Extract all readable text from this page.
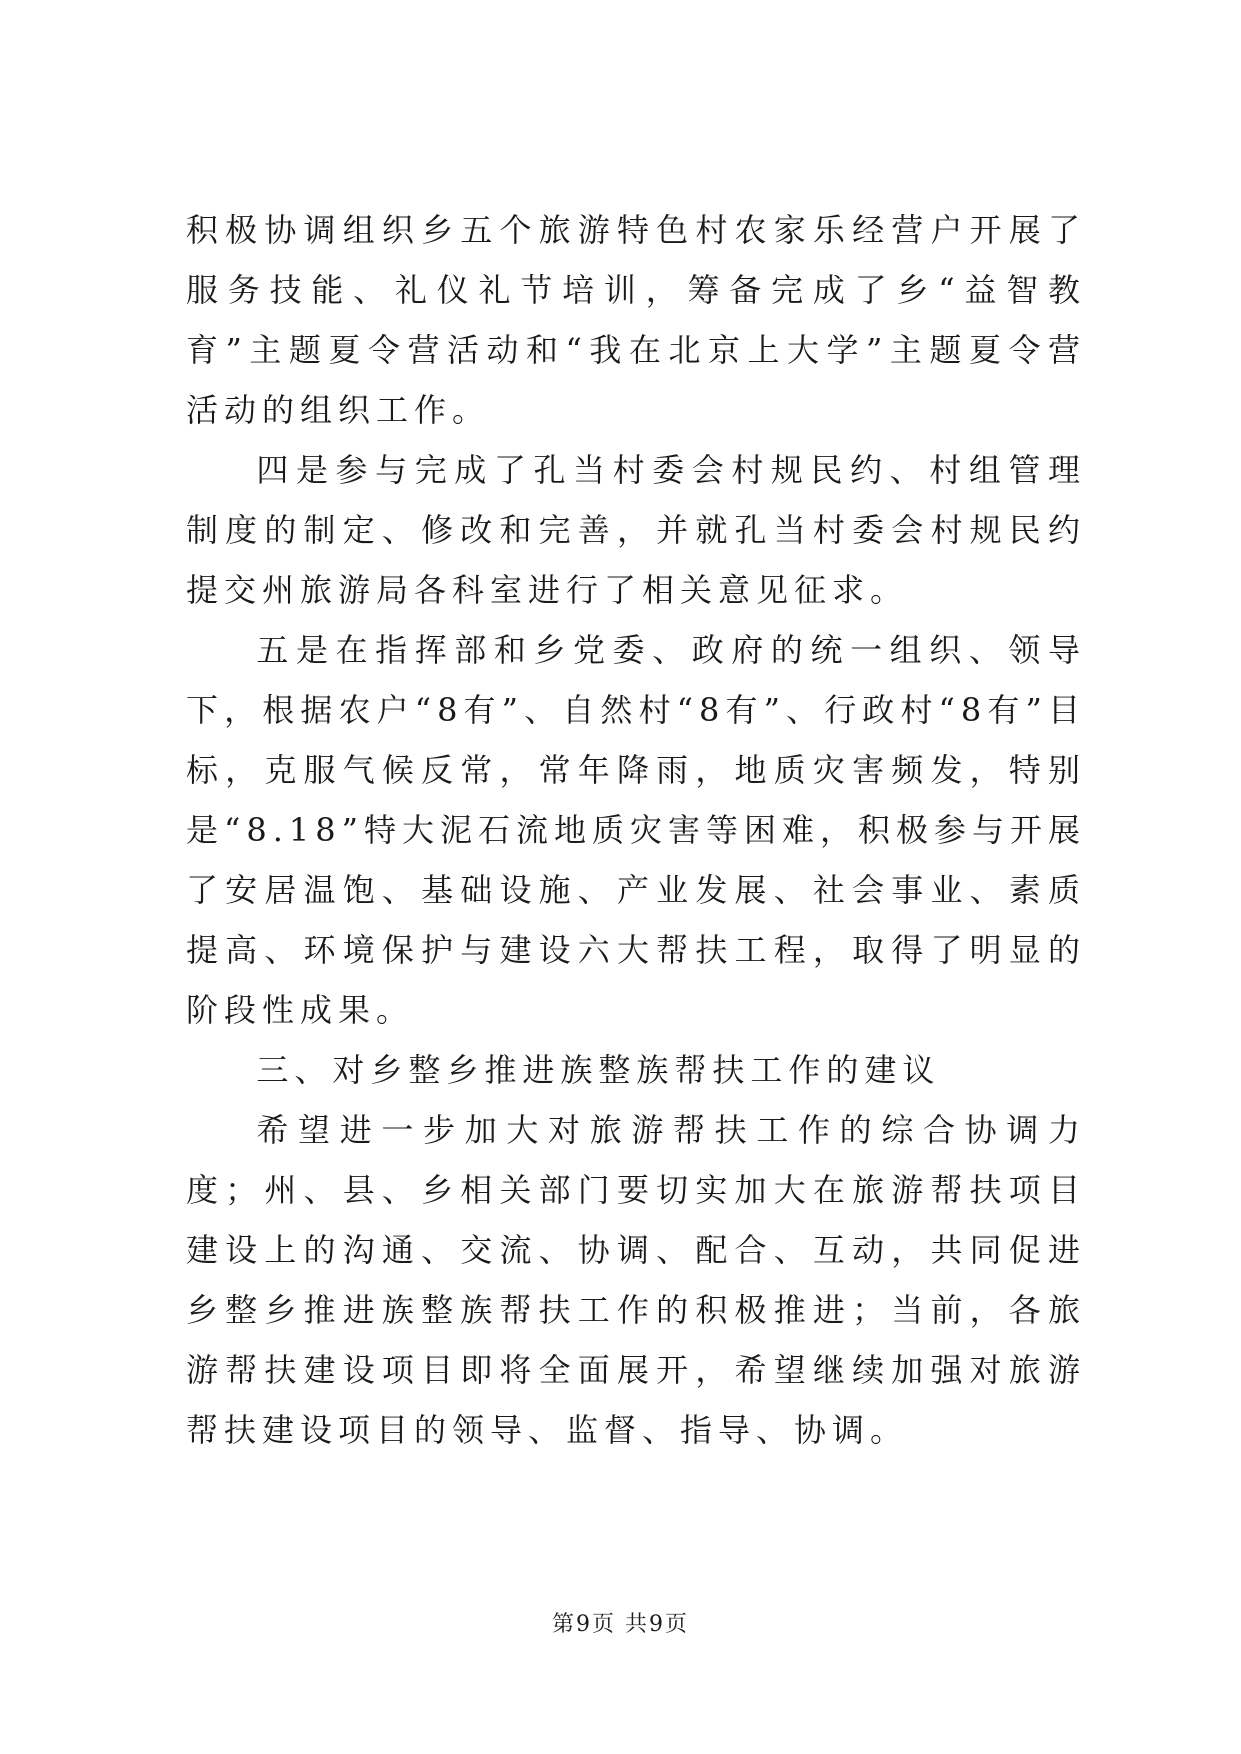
积极协调组织乡五个旅游特色村农家乐经营户开展了服务技能、礼仪礼节培训，筹备完成了乡“益智教育”主题夏令营活动和“我在北京上大学”主题夏令营活动的组织工作。

四是参与完成了孔当村委会村规民约、村组管理制度的制定、修改和完善，并就孔当村委会村规民约提交州旅游局各科室进行了相关意见征求。

五是在指挥部和乡党委、政府的统一组织、领导下，根据农户“8有”、自然村“8有”、行政村“8有”目标，克服气候反常，常年降雨，地质灾害频发，特别是“8.18”特大泥石流地质灾害等困难，积极参与开展了安居温饱、基础设施、产业发展、社会事业、素质提高、环境保护与建设六大帮扶工程，取得了明显的阶段性成果。

三、对乡整乡推进族整族帮扶工作的建议

希望进一步加大对旅游帮扶工作的综合协调力度；州、县、乡相关部门要切实加大在旅游帮扶项目建设上的沟通、交流、协调、配合、互动，共同促进乡整乡推进族整族帮扶工作的积极推进；当前，各旅游帮扶建设项目即将全面展开，希望继续加强对旅游帮扶建设项目的领导、监督、指导、协调。

第9页 共9页
